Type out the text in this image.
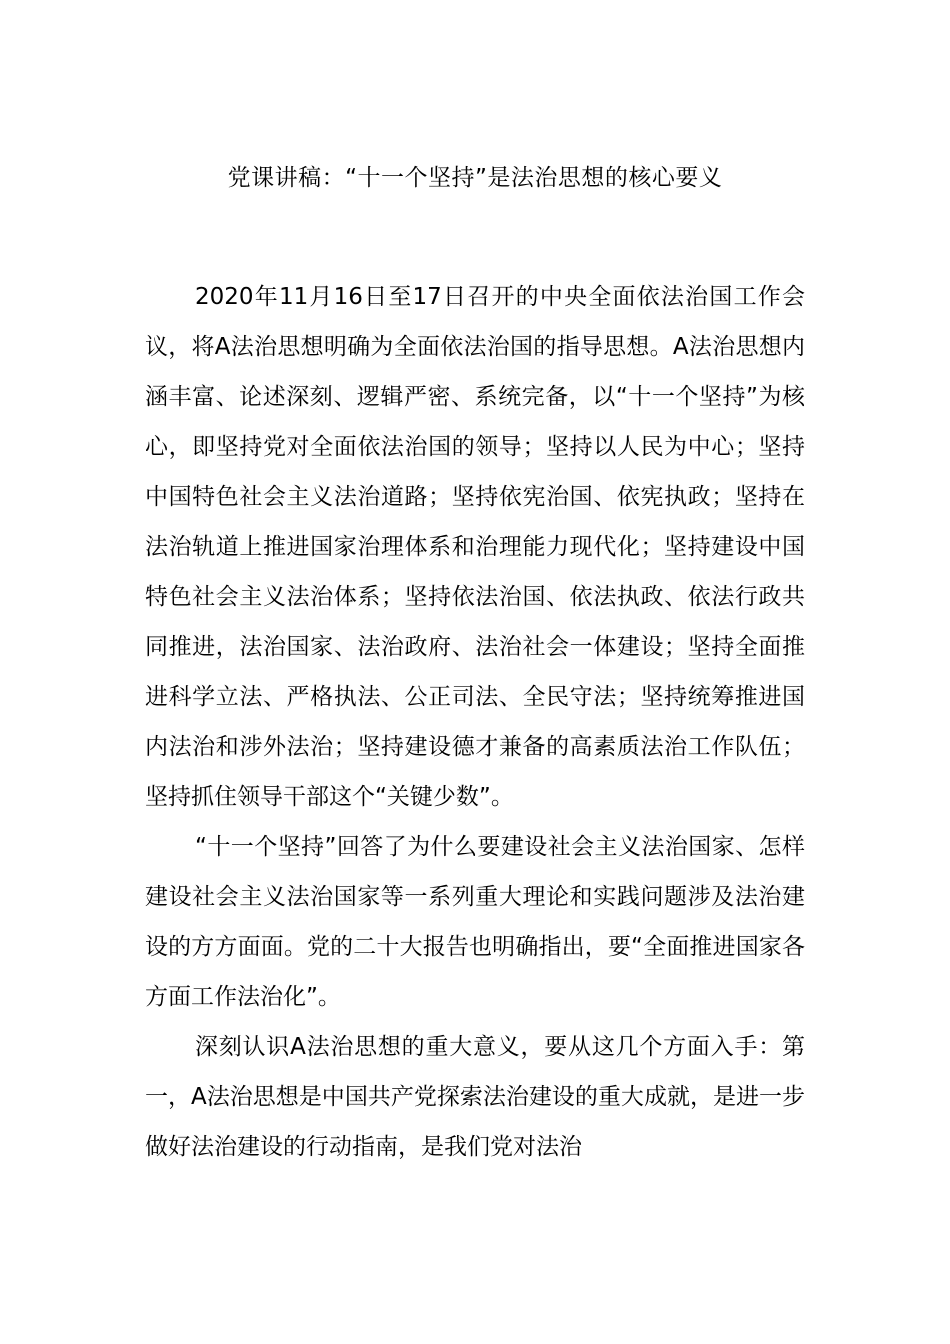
党课讲稿：“十一个坚持”是法治思想的核心要义

2020年11月16日至17日召开的中央全面依法治国工作会议，将A法治思想明确为全面依法治国的指导思想。A法治思想内涵丰富、论述深刻、逻辑严密、系统完备，以“十一个坚持”为核心，即坚持党对全面依法治国的领导；坚持以人民为中心；坚持中国特色社会主义法治道路；坚持依宪治国、依宪执政；坚持在法治轨道上推进国家治理体系和治理能力现代化；坚持建设中国特色社会主义法治体系；坚持依法治国、依法执政、依法行政共同推进，法治国家、法治政府、法治社会一体建设；坚持全面推进科学立法、严格执法、公正司法、全民守法；坚持统筹推进国内法治和涉外法治；坚持建设德才兼备的高素质法治工作队伍；坚持抓住领导干部这个“关键少数”。

“十一个坚持”回答了为什么要建设社会主义法治国家、怎样建设社会主义法治国家等一系列重大理论和实践问题涉及法治建设的方方面面。党的二十大报告也明确指出，要“全面推进国家各方面工作法治化”。

深刻认识A法治思想的重大意义，要从这几个方面入手：第一，A法治思想是中国共产党探索法治建设的重大成就，是进一步做好法治建设的行动指南，是我们党对法治
